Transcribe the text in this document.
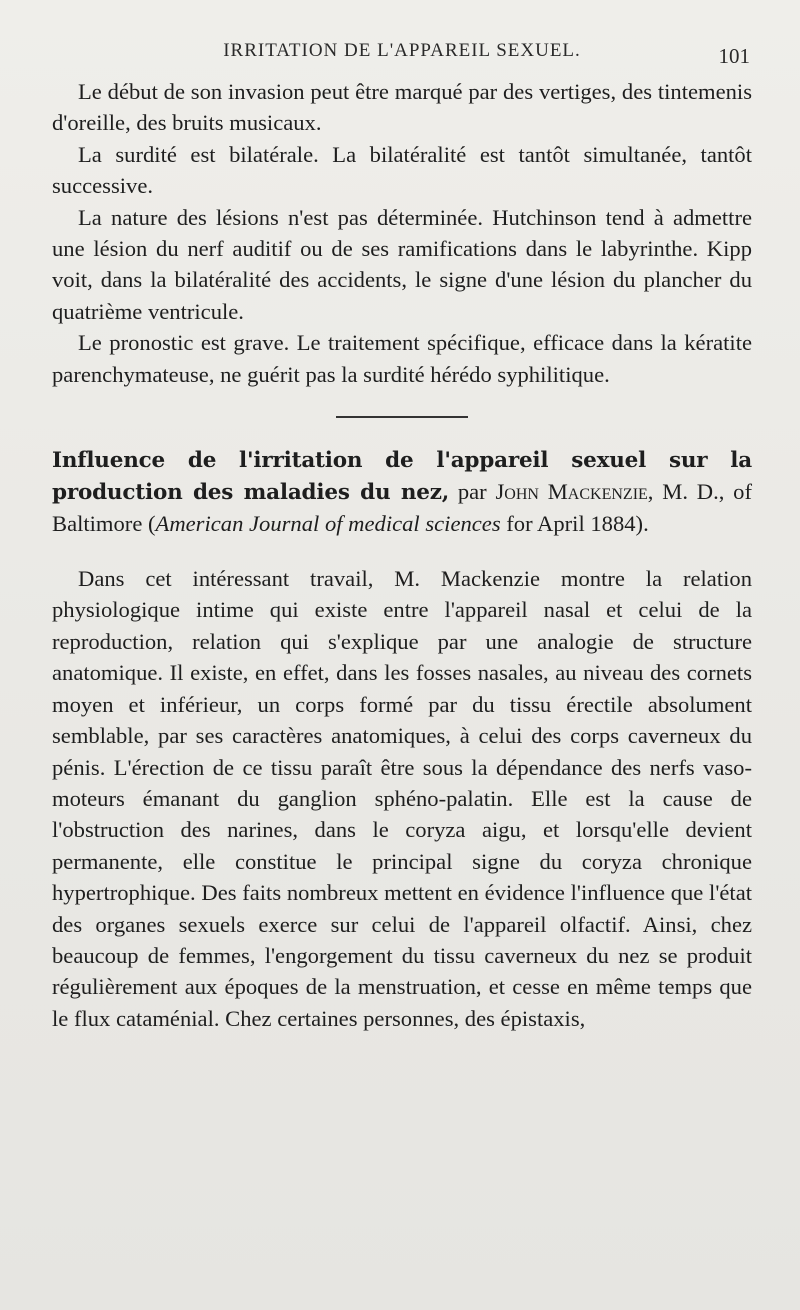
IRRITATION DE L'APPAREIL SEXUEL.	101

Le début de son invasion peut être marqué par des vertiges, des tintemenis d'oreille, des bruits musicaux.

La surdité est bilatérale. La bilatéralité est tantôt simultanée, tantôt successive.

La nature des lésions n'est pas déterminée. Hutchinson tend à admettre une lésion du nerf auditif ou de ses ramifications dans le labyrinthe. Kipp voit, dans la bilatéralité des accidents, le signe d'une lésion du plancher du quatrième ventricule.

Le pronostic est grave. Le traitement spécifique, efficace dans la kératite parenchymateuse, ne guérit pas la surdité hérédo syphilitique.

Influence de l'irritation de l'appareil sexuel sur la production des maladies du nez, par John Mackenzie, M. D., of Baltimore (American Journal of medical sciences for April 1884).

Dans cet intéressant travail, M. Mackenzie montre la relation physiologique intime qui existe entre l'appareil nasal et celui de la reproduction, relation qui s'explique par une analogie de structure anatomique. Il existe, en effet, dans les fosses nasales, au niveau des cornets moyen et inférieur, un corps formé par du tissu érectile absolument semblable, par ses caractères anatomiques, à celui des corps caverneux du pénis. L'érection de ce tissu paraît être sous la dépendance des nerfs vaso-moteurs émanant du ganglion sphéno-palatin. Elle est la cause de l'obstruction des narines, dans le coryza aigu, et lorsqu'elle devient permanente, elle constitue le principal signe du coryza chronique hypertrophique. Des faits nombreux mettent en évidence l'influence que l'état des organes sexuels exerce sur celui de l'appareil olfactif. Ainsi, chez beaucoup de femmes, l'engorgement du tissu caverneux du nez se produit régulièrement aux époques de la menstruation, et cesse en même temps que le flux cataménial. Chez certaines personnes, des épistaxis,
